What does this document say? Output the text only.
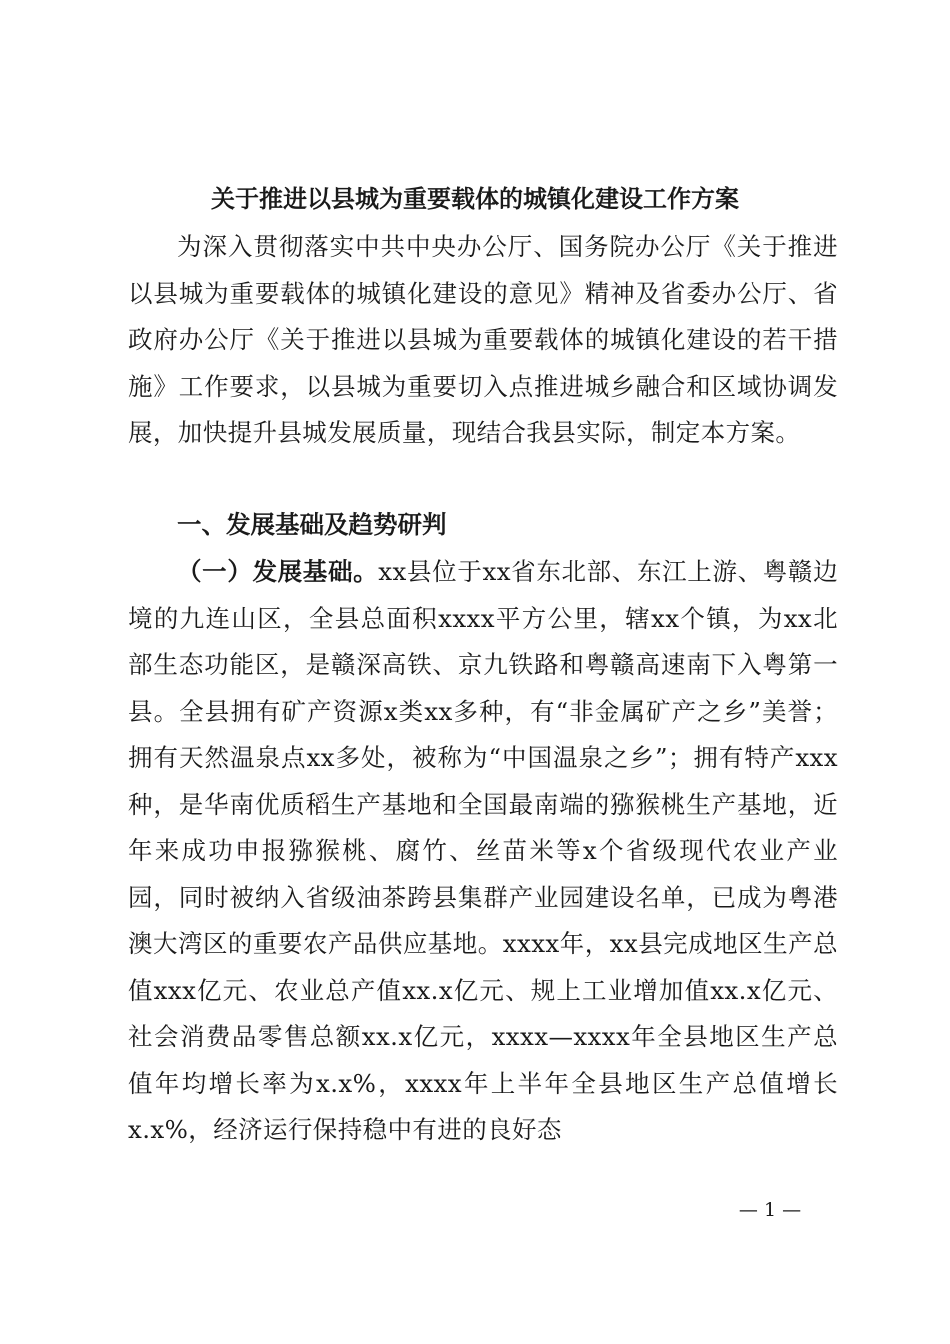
关于推进以县城为重要载体的城镇化建设工作方案

为深入贯彻落实中共中央办公厅、国务院办公厅《关于推进以县城为重要载体的城镇化建设的意见》精神及省委办公厅、省政府办公厅《关于推进以县城为重要载体的城镇化建设的若干措施》工作要求，以县城为重要切入点推进城乡融合和区域协调发展，加快提升县城发展质量，现结合我县实际，制定本方案。

一、发展基础及趋势研判

（一）发展基础。xx县位于xx省东北部、东江上游、粤赣边境的九连山区，全县总面积xxxx平方公里，辖xx个镇，为xx北部生态功能区，是赣深高铁、京九铁路和粤赣高速南下入粤第一县。全县拥有矿产资源x类xx多种，有“非金属矿产之乡”美誉；拥有天然温泉点xx多处，被称为“中国温泉之乡”；拥有特产xxx种，是华南优质稻生产基地和全国最南端的猕猴桃生产基地，近年来成功申报猕猴桃、腐竹、丝苗米等x个省级现代农业产业园，同时被纳入省级油茶跨县集群产业园建设名单，已成为粤港澳大湾区的重要农产品供应基地。xxxx年，xx县完成地区生产总值xxx亿元、农业总产值xx.x亿元、规上工业增加值xx.x亿元、社会消费品零售总额xx.x亿元，xxxx—xxxx年全县地区生产总值年均增长率为x.x%，xxxx年上半年全县地区生产总值增长x.x%，经济运行保持稳中有进的良好态

— 1 —
